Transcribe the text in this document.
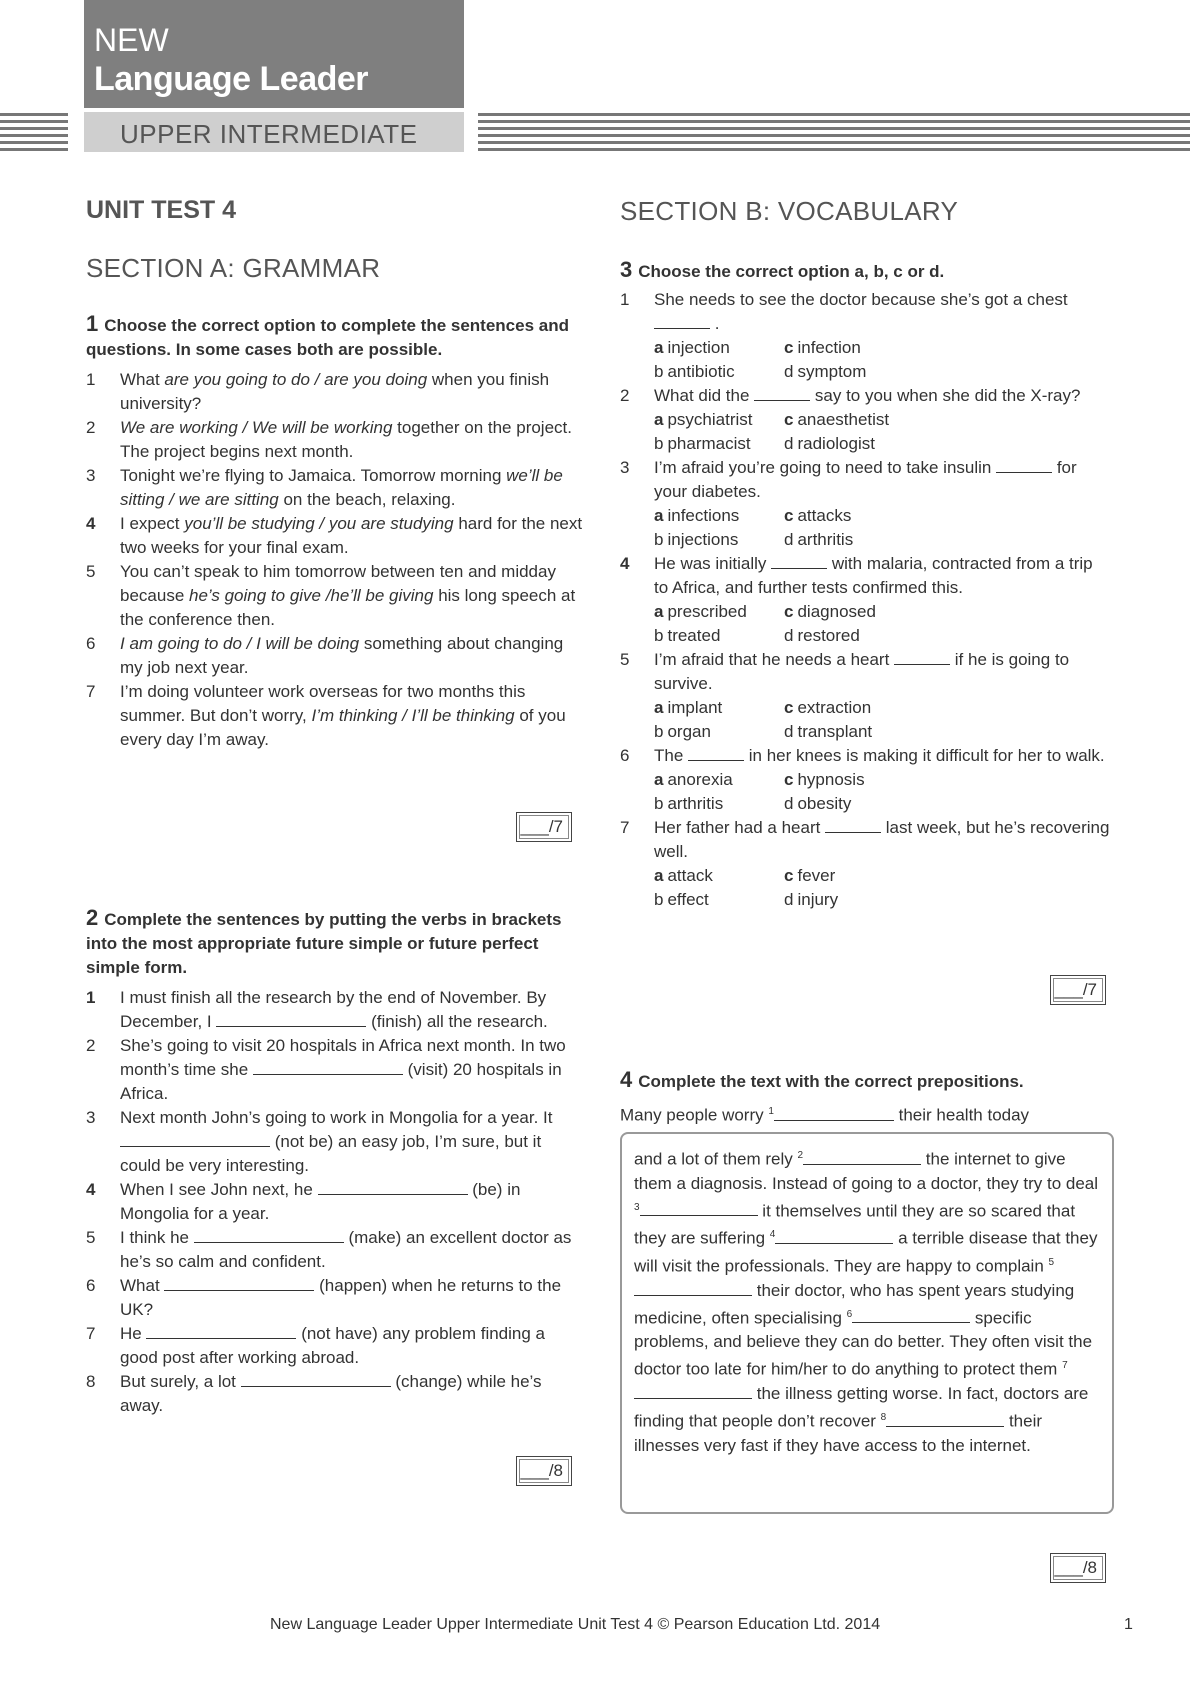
NEW
Language Leader
UPPER INTERMEDIATE
UNIT TEST 4
SECTION A: GRAMMAR
1 Choose the correct option to complete the sentences and questions. In some cases both are possible.
1 What are you going to do / are you doing when you finish university?
2 We are working / We will be working together on the project. The project begins next month.
3 Tonight we’re flying to Jamaica. Tomorrow morning we’ll be sitting / we are sitting on the beach, relaxing.
4 I expect you’ll be studying / you are studying hard for the next two weeks for your final exam.
5 You can’t speak to him tomorrow between ten and midday because he’s going to give /he’ll be giving his long speech at the conference then.
6 I am going to do / I will be doing something about changing my job next year.
7 I’m doing volunteer work overseas for two months this summer. But don’t worry, I’m thinking / I’ll be thinking of you every day I’m away.
___/7
2 Complete the sentences by putting the verbs in brackets into the most appropriate future simple or future perfect simple form.
1 I must finish all the research by the end of November. By December, I	(finish) all the research.
2 She’s going to visit 20 hospitals in Africa next month. In two month’s time she	(visit) 20 hospitals in Africa.
3 Next month John’s going to work in Mongolia for a year. It  (not be) an easy job, I’m sure, but it could be very interesting.
4 When I see John next, he	(be) in Mongolia for a year.
5 I think he	(make) an excellent doctor as he’s so calm and confident.
6 What	(happen) when he returns to the UK?
7 He	(not have) any problem finding a good post after working abroad.
8 But surely, a lot	(change) while he’s away.
___/8
SECTION B: VOCABULARY
3 Choose the correct option a, b, c or d.
1 She needs to see the doctor because she’s got a chest  .
a injection	c infection
b antibiotic	d symptom
2 What did the	say to you when she did the X-ray?
a psychiatrist	c anaesthetist
b pharmacist	d radiologist
3 I’m afraid you’re going to need to take insulin	for your diabetes.
a infections	c attacks
b injections	d arthritis
4 He was initially	with malaria, contracted from a trip to Africa, and further tests confirmed this.
a prescribed	c diagnosed
b treated	d restored
5 I’m afraid that he needs a heart	if he is going to survive.
a implant	c extraction
b organ	d transplant
6 The	in her knees is making it difficult for her to walk.
a anorexia	c hypnosis
b arthritis	d obesity
7 Her father had a heart	last week, but he’s recovering well.
a attack	c fever
b effect	d injury
___/7
4 Complete the text with the correct prepositions.
Many people worry $^1$	their health today
and a lot of them rely $^2$	the internet to give them a diagnosis. Instead of going to a doctor, they try to deal $^3$	it themselves until they are so scared that they are suffering $^4$	a terrible disease that they will visit the professionals. They are happy to complain $^5$ their doctor, who has spent years studying medicine, often specialising $^6$	specific problems, and believe they can do better. They often visit the doctor too late for him/her to do anything to protect them $^7$ the illness getting worse. In fact, doctors are finding that people don’t recover $^8$	their illnesses very fast if they have access to the internet.
___/8
New Language Leader Upper Intermediate Unit Test 4 © Pearson Education Ltd. 2014	1
